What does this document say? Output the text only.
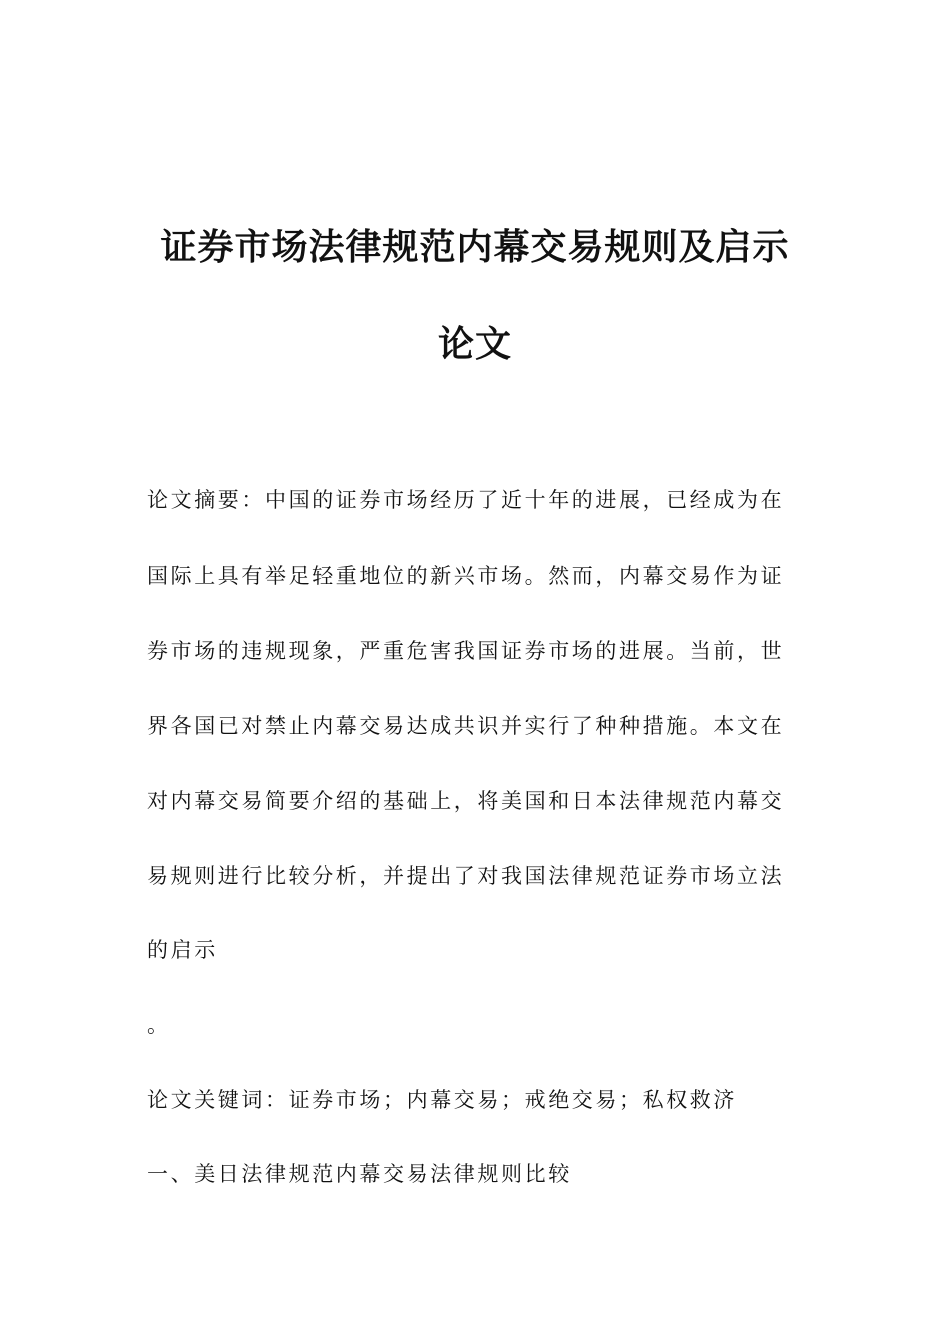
证券市场法律规范内幕交易规则及启示
论文

论文摘要：中国的证券市场经历了近十年的进展，已经成为在

国际上具有举足轻重地位的新兴市场。然而，内幕交易作为证

券市场的违规现象，严重危害我国证券市场的进展。当前，世

界各国已对禁止内幕交易达成共识并实行了种种措施。本文在

对内幕交易简要介绍的基础上，将美国和日本法律规范内幕交

易规则进行比较分析，并提出了对我国法律规范证券市场立法

的启示

。

论文关键词：证券市场；内幕交易；戒绝交易；私权救济

一、美日法律规范内幕交易法律规则比较
